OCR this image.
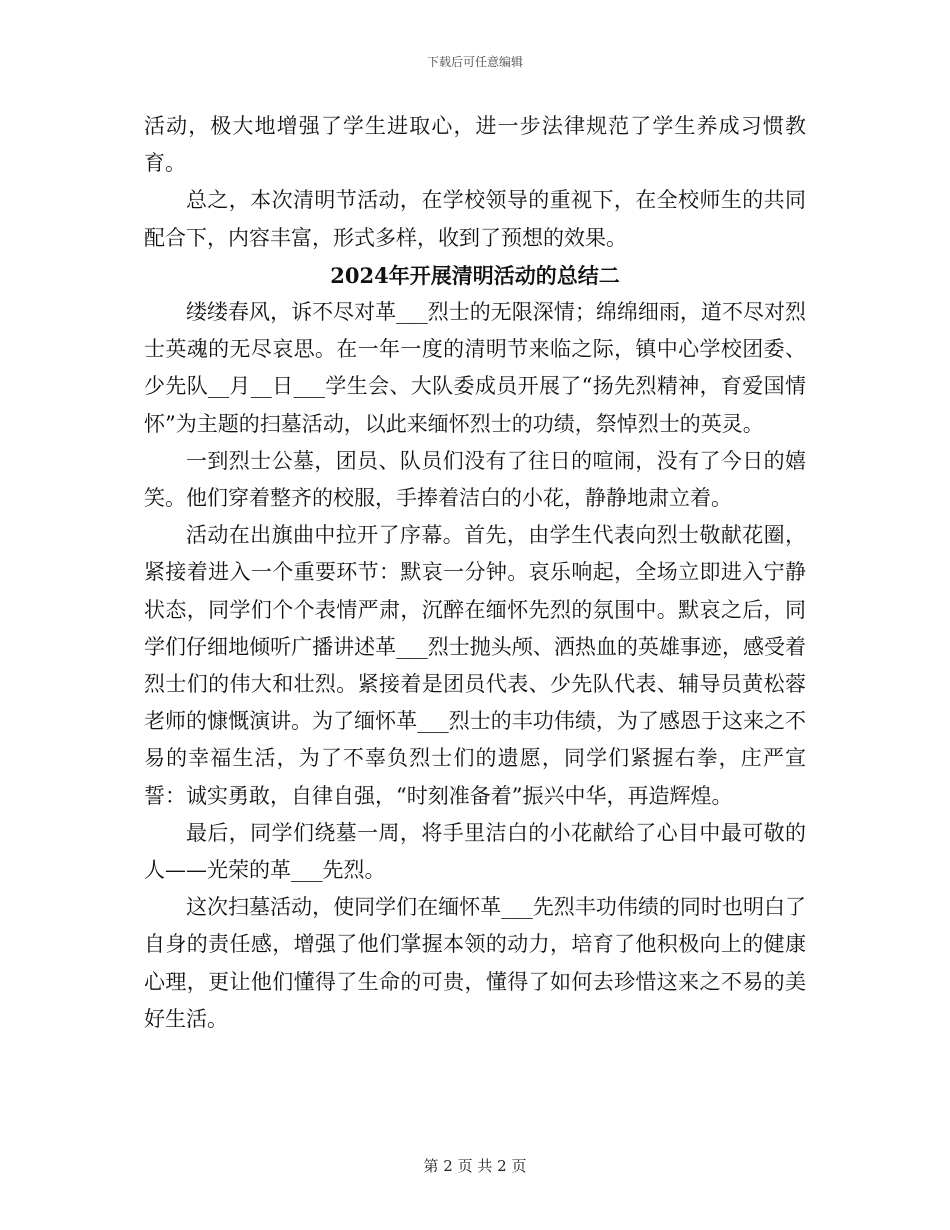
下载后可任意编辑

活动，极大地增强了学生进取心，进一步法律规范了学生养成习惯教育。

总之，本次清明节活动，在学校领导的重视下，在全校师生的共同配合下，内容丰富，形式多样，收到了预想的效果。

2024年开展清明活动的总结二

缕缕春风，诉不尽对革___烈士的无限深情；绵绵细雨，道不尽对烈士英魂的无尽哀思。在一年一度的清明节来临之际，镇中心学校团委、少先队__月__日___学生会、大队委成员开展了“扬先烈精神，育爱国情怀”为主题的扫墓活动，以此来缅怀烈士的功绩，祭悼烈士的英灵。

一到烈士公墓，团员、队员们没有了往日的喧闹，没有了今日的嬉笑。他们穿着整齐的校服，手捧着洁白的小花，静静地肃立着。

活动在出旗曲中拉开了序幕。首先，由学生代表向烈士敬献花圈，紧接着进入一个重要环节：默哀一分钟。哀乐响起，全场立即进入宁静状态，同学们个个表情严肃，沉醉在缅怀先烈的氛围中。默哀之后，同学们仔细地倾听广播讲述革___烈士抛头颅、洒热血的英雄事迹，感受着烈士们的伟大和壮烈。紧接着是团员代表、少先队代表、辅导员黄松蓉老师的慷慨演讲。为了缅怀革___烈士的丰功伟绩，为了感恩于这来之不易的幸福生活，为了不辜负烈士们的遗愿，同学们紧握右拳，庄严宣誓：诚实勇敢，自律自强，“时刻准备着”振兴中华，再造辉煌。

最后，同学们绕墓一周，将手里洁白的小花献给了心目中最可敬的人——光荣的革___先烈。

这次扫墓活动，使同学们在缅怀革___先烈丰功伟绩的同时也明白了自身的责任感，增强了他们掌握本领的动力，培育了他积极向上的健康心理，更让他们懂得了生命的可贵，懂得了如何去珍惜这来之不易的美好生活。

第 2 页 共 2 页
